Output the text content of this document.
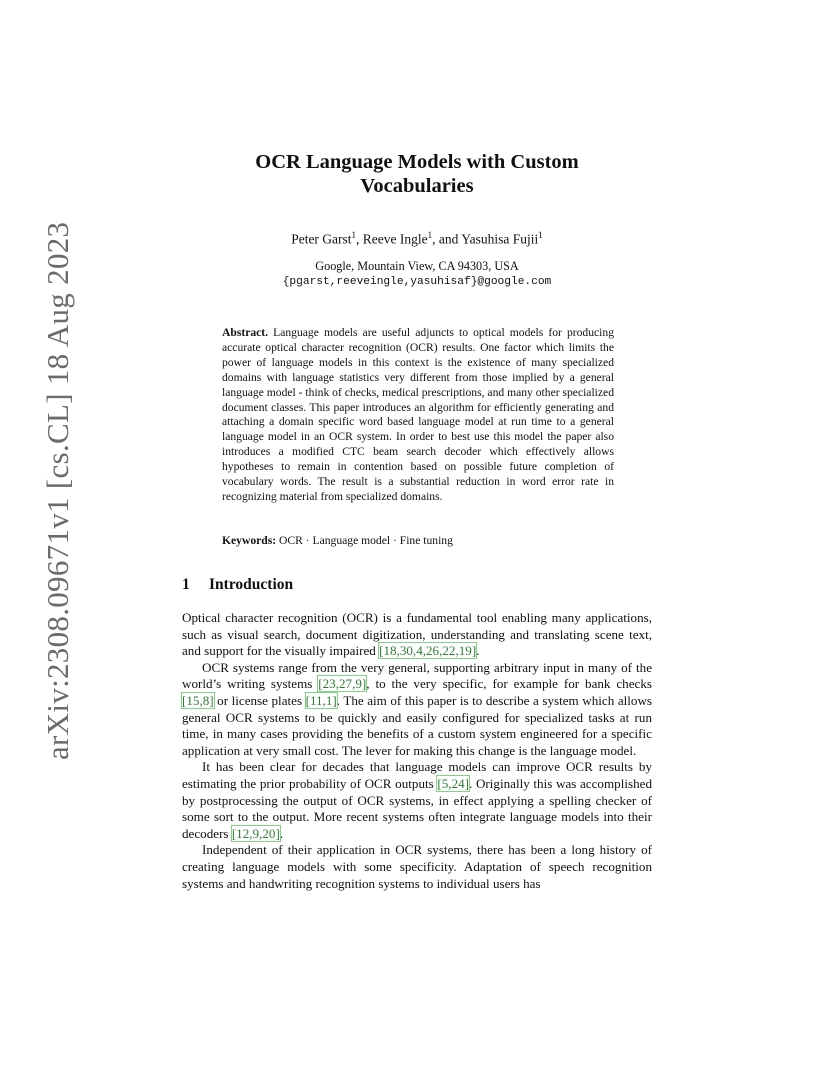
arXiv:2308.09671v1 [cs.CL] 18 Aug 2023
OCR Language Models with Custom
Vocabularies
Peter Garst$^1$, Reeve Ingle$^1$, and Yasuhisa Fujii$^1$
Google, Mountain View, CA 94303, USA
{pgarst,reeveingle,yasuhisaf}@google.com
Abstract. Language models are useful adjuncts to optical models for producing accurate optical character recognition (OCR) results. One factor which limits the power of language models in this context is the existence of many specialized domains with language statistics very different from those implied by a general language model - think of checks, medical prescriptions, and many other specialized document classes. This paper introduces an algorithm for efficiently generating and attaching a domain specific word based language model at run time to a general language model in an OCR system. In order to best use this model the paper also introduces a modified CTC beam search decoder which effectively allows hypotheses to remain in contention based on possible future completion of vocabulary words. The result is a substantial reduction in word error rate in recognizing material from specialized domains.
Keywords: OCR · Language model · Fine tuning
1 Introduction

Optical character recognition (OCR) is a fundamental tool enabling many applications, such as visual search, document digitization, understanding and translating scene text, and support for the visually impaired [18,30,4,26,22,19].

OCR systems range from the very general, supporting arbitrary input in many of the world’s writing systems [23,27,9], to the very specific, for example for bank checks [15,8] or license plates [11,1]. The aim of this paper is to describe a system which allows general OCR systems to be quickly and easily configured for specialized tasks at run time, in many cases providing the benefits of a custom system engineered for a specific application at very small cost. The lever for making this change is the language model.

It has been clear for decades that language models can improve OCR results by estimating the prior probability of OCR outputs [5,24]. Originally this was accomplished by postprocessing the output of OCR systems, in effect applying a spelling checker of some sort to the output. More recent systems often integrate language models into their decoders [12,9,20].

Independent of their application in OCR systems, there has been a long history of creating language models with some specificity. Adaptation of speech recognition systems and handwriting recognition systems to individual users has
